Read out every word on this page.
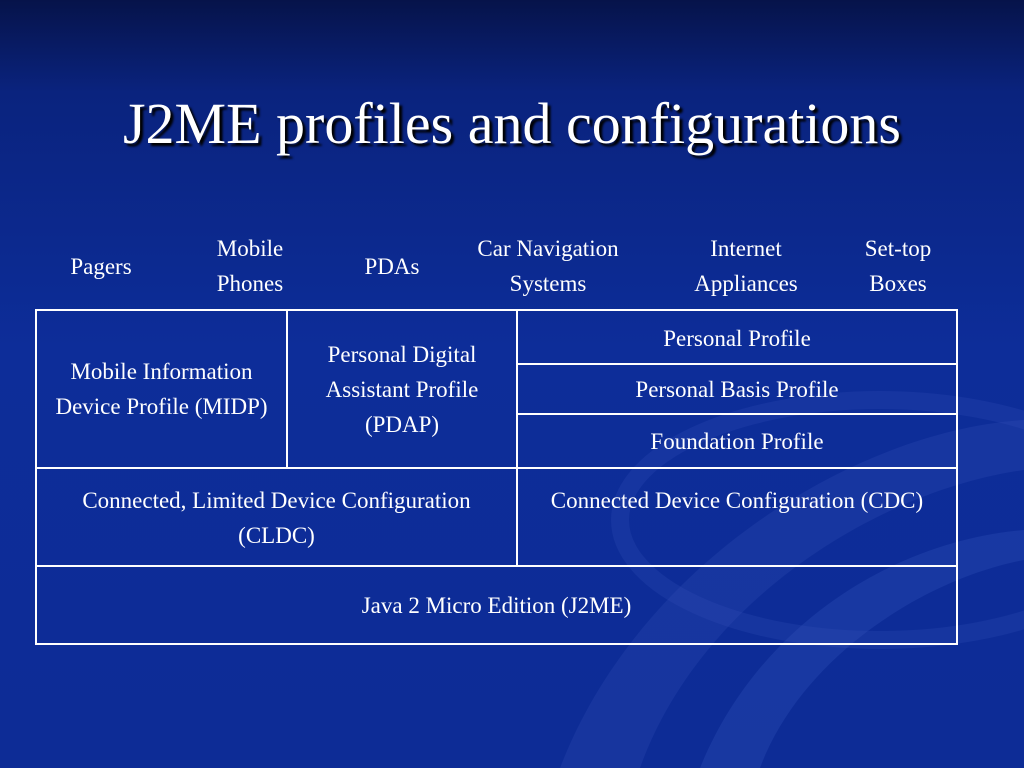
J2ME profiles and configurations
Pagers
Mobile
Phones
PDAs
Car Navigation
Systems
Internet
Appliances
Set-top
Boxes
Mobile Information Device Profile (MIDP)
Personal Digital Assistant Profile (PDAP)
Personal Profile
Personal Basis Profile
Foundation Profile
Connected, Limited Device Configuration (CLDC)
Connected Device Configuration (CDC)
Java 2 Micro Edition (J2ME)
